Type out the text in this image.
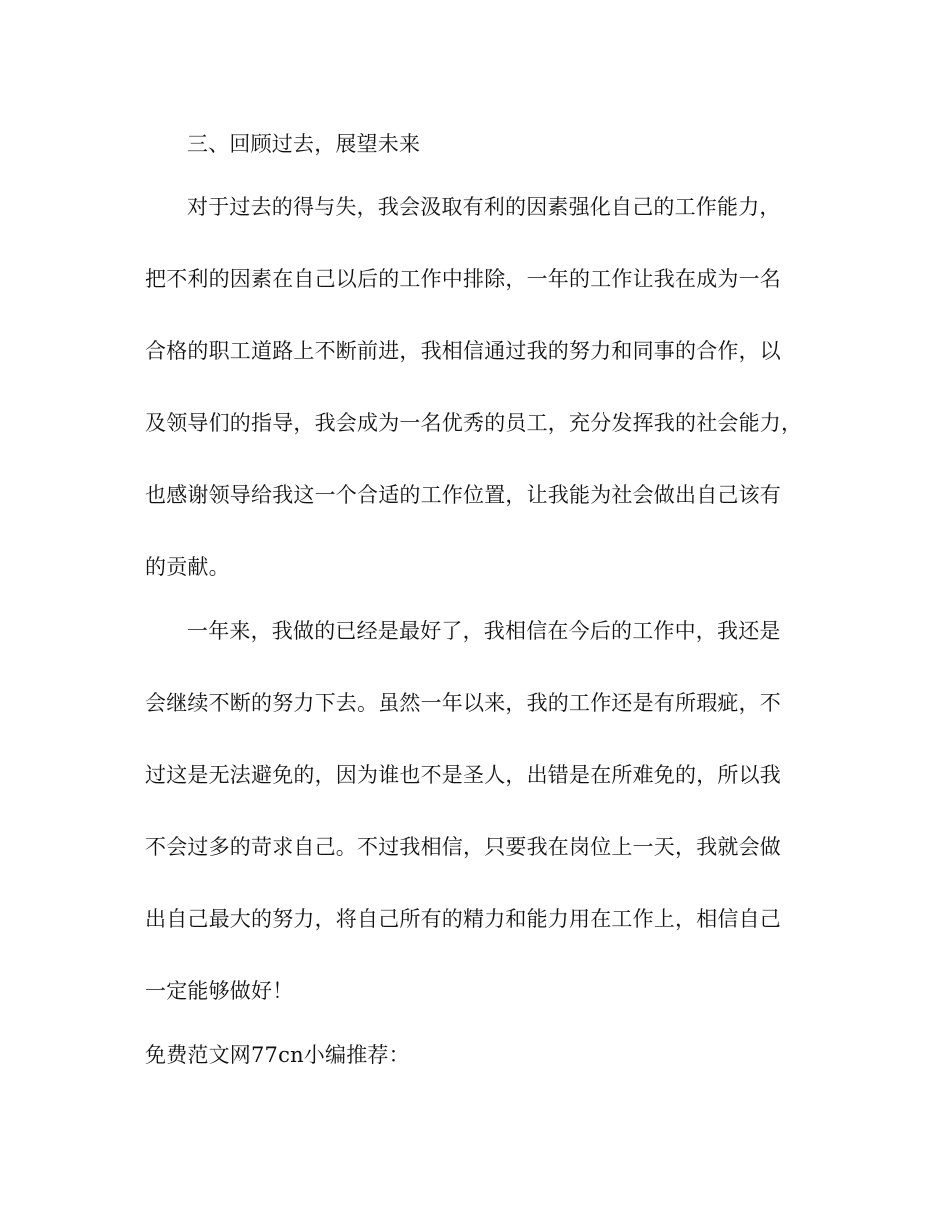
三、回顾过去，展望未来
对于过去的得与失，我会汲取有利的因素强化自己的工作能力，
把不利的因素在自己以后的工作中排除，一年的工作让我在成为一名
合格的职工道路上不断前进，我相信通过我的努力和同事的合作，以
及领导们的指导，我会成为一名优秀的员工，充分发挥我的社会能力，
也感谢领导给我这一个合适的工作位置，让我能为社会做出自己该有
的贡献。
一年来，我做的已经是最好了，我相信在今后的工作中，我还是
会继续不断的努力下去。虽然一年以来，我的工作还是有所瑕疵，不
过这是无法避免的，因为谁也不是圣人，出错是在所难免的，所以我
不会过多的苛求自己。不过我相信，只要我在岗位上一天，我就会做
出自己最大的努力，将自己所有的精力和能力用在工作上，相信自己
一定能够做好！
免费范文网77cn小编推荐：
